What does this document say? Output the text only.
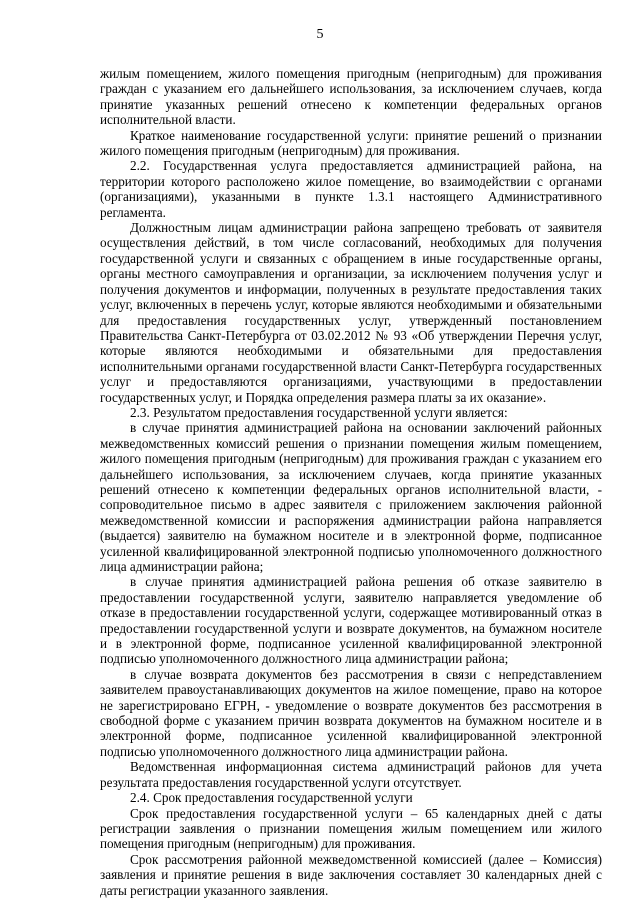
5

жилым помещением, жилого помещения пригодным (непригодным) для проживания граждан с указанием его дальнейшего использования, за исключением случаев, когда принятие указанных решений отнесено к компетенции федеральных органов исполнительной власти.

Краткое наименование государственной услуги: принятие решений о признании жилого помещения пригодным (непригодным) для проживания.

2.2. Государственная услуга предоставляется администрацией района, на территории которого расположено жилое помещение, во взаимодействии с органами (организациями), указанными в пункте 1.3.1 настоящего Административного регламента.

Должностным лицам администрации района запрещено требовать от заявителя осуществления действий, в том числе согласований, необходимых для получения государственной услуги и связанных с обращением в иные государственные органы, органы местного самоуправления и организации, за исключением получения услуг и получения документов и информации, полученных в результате предоставления таких услуг, включенных в перечень услуг, которые являются необходимыми и обязательными для предоставления государственных услуг, утвержденный постановлением Правительства Санкт-Петербурга от 03.02.2012 № 93 «Об утверждении Перечня услуг, которые являются необходимыми и обязательными для предоставления исполнительными органами государственной власти Санкт-Петербурга государственных услуг и предоставляются организациями, участвующими в предоставлении государственных услуг, и Порядка определения размера платы за их оказание».

2.3. Результатом предоставления государственной услуги является:

в случае принятия администрацией района на основании заключений районных межведомственных комиссий решения о признании помещения жилым помещением, жилого помещения пригодным (непригодным) для проживания граждан с указанием его дальнейшего использования, за исключением случаев, когда принятие указанных решений отнесено к компетенции федеральных органов исполнительной власти, - сопроводительное письмо в адрес заявителя с приложением заключения районной межведомственной комиссии и распоряжения администрации района направляется (выдается) заявителю на бумажном носителе и в электронной форме, подписанное усиленной квалифицированной электронной подписью уполномоченного должностного лица администрации района;

в случае принятия администрацией района решения об отказе заявителю в предоставлении государственной услуги, заявителю направляется уведомление об отказе в предоставлении государственной услуги, содержащее мотивированный отказ в предоставлении государственной услуги и возврате документов, на бумажном носителе и в электронной форме, подписанное усиленной квалифицированной электронной подписью уполномоченного должностного лица администрации района;

в случае возврата документов без рассмотрения в связи с непредставлением заявителем правоустанавливающих документов на жилое помещение, право на которое не зарегистрировано ЕГРН, - уведомление о возврате документов без рассмотрения в свободной форме с указанием причин возврата документов на бумажном носителе и в электронной форме, подписанное усиленной квалифицированной электронной подписью уполномоченного должностного лица администрации района.

Ведомственная информационная система администраций районов для учета результата предоставления государственной услуги отсутствует.

2.4. Срок предоставления государственной услуги

Срок предоставления государственной услуги – 65 календарных дней с даты регистрации заявления о признании помещения жилым помещением или жилого помещения пригодным (непригодным) для проживания.

Срок рассмотрения районной межведомственной комиссией (далее – Комиссия) заявления и принятие решения в виде заключения составляет 30 календарных дней с даты регистрации указанного заявления.
